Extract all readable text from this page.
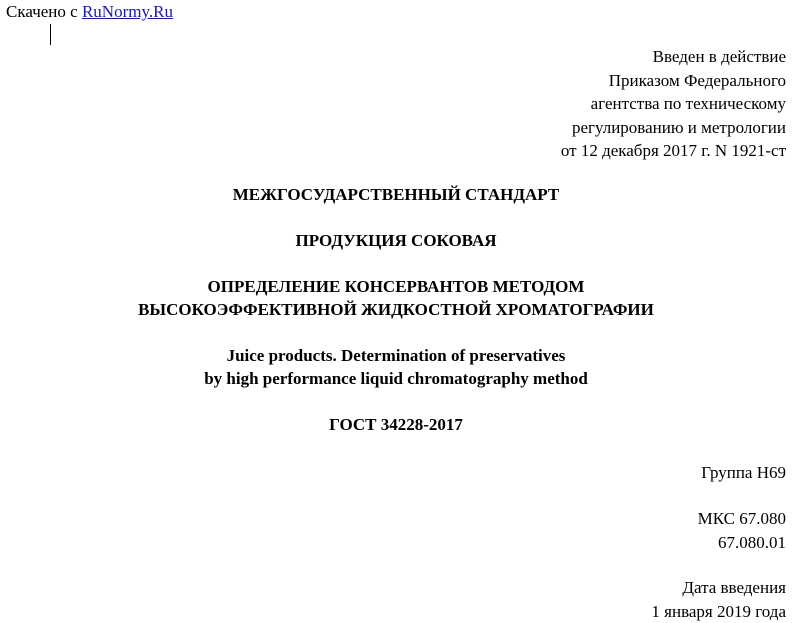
Скачено с RuNormy.Ru
Введен в действие
Приказом Федерального
агентства по техническому
регулированию и метрологии
от 12 декабря 2017 г. N 1921-ст
МЕЖГОСУДАРСТВЕННЫЙ СТАНДАРТ
ПРОДУКЦИЯ СОКОВАЯ
ОПРЕДЕЛЕНИЕ КОНСЕРВАНТОВ МЕТОДОМ
ВЫСОКОЭФФЕКТИВНОЙ ЖИДКОСТНОЙ ХРОМАТОГРАФИИ
Juice products. Determination of preservatives
by high performance liquid chromatography method
ГОСТ 34228-2017
Группа Н69
МКС 67.080
67.080.01
Дата введения
1 января 2019 года
